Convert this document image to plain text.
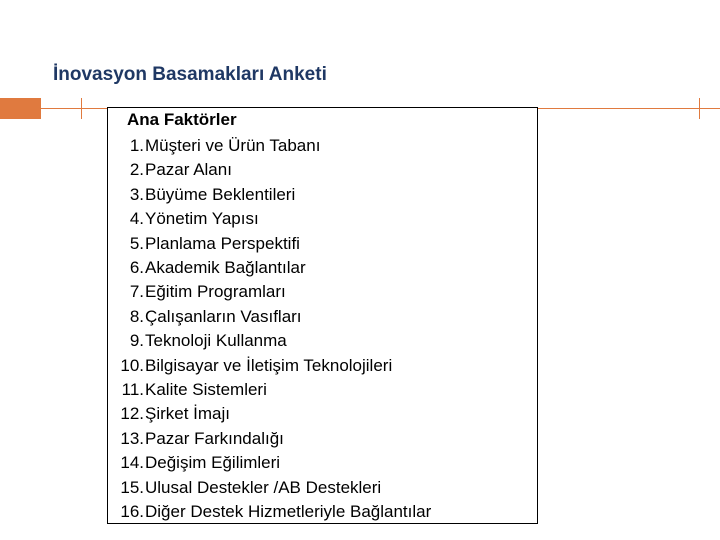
İnovasyon Basamakları Anketi
Ana Faktörler
1. Müşteri ve Ürün Tabanı
2. Pazar Alanı
3. Büyüme Beklentileri
4. Yönetim Yapısı
5. Planlama Perspektifi
6. Akademik Bağlantılar
7. Eğitim Programları
8. Çalışanların Vasıfları
9. Teknoloji Kullanma
10. Bilgisayar ve İletişim Teknolojileri
11. Kalite Sistemleri
12. Şirket İmajı
13. Pazar Farkındalığı
14. Değişim Eğilimleri
15. Ulusal Destekler /AB Destekleri
16. Diğer Destek Hizmetleriyle Bağlantılar
